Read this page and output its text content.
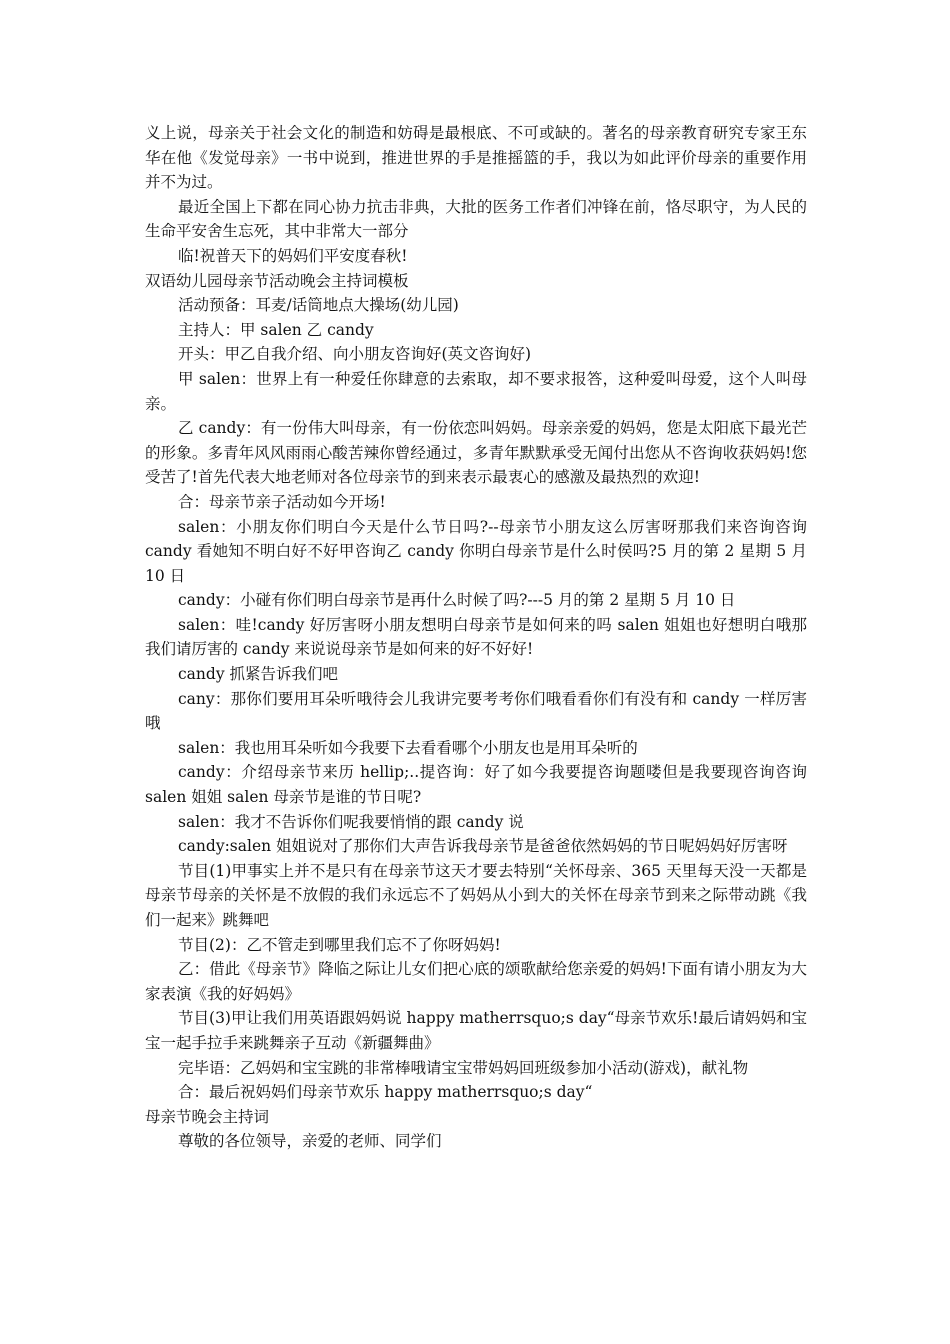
义上说，母亲关于社会文化的制造和妨碍是最根底、不可或缺的。著名的母亲教育研究专家王东华在他《发觉母亲》一书中说到，推进世界的手是推摇篮的手，我以为如此评价母亲的重要作用并不为过。

最近全国上下都在同心协力抗击非典，大批的医务工作者们冲锋在前，恪尽职守，为人民的生命平安舍生忘死，其中非常大一部分

临!祝普天下的妈妈们平安度春秋!

双语幼儿园母亲节活动晚会主持词模板

活动预备：耳麦/话筒地点大操场(幼儿园)

主持人：甲 salen 乙 candy

开头：甲乙自我介绍、向小朋友咨询好(英文咨询好)

甲 salen：世界上有一种爱任你肆意的去索取，却不要求报答，这种爱叫母爱，这个人叫母亲。

乙 candy：有一份伟大叫母亲，有一份依恋叫妈妈。母亲亲爱的妈妈，您是太阳底下最光芒的形象。多青年风风雨雨心酸苦辣你曾经通过，多青年默默承受无闻付出您从不咨询收获妈妈!您受苦了!首先代表大地老师对各位母亲节的到来表示最衷心的感激及最热烈的欢迎!

合：母亲节亲子活动如今开场!

salen：小朋友你们明白今天是什么节日吗?--母亲节小朋友这么厉害呀那我们来咨询咨询 candy 看她知不明白好不好甲咨询乙 candy 你明白母亲节是什么时侯吗?5 月的第 2 星期 5 月 10 日

candy：小碰有你们明白母亲节是再什么时候了吗?---5 月的第 2 星期 5 月 10 日

salen：哇!candy 好厉害呀小朋友想明白母亲节是如何来的吗 salen 姐姐也好想明白哦那我们请厉害的 candy 来说说母亲节是如何来的好不好好!

candy 抓紧告诉我们吧

cany：那你们要用耳朵听哦待会儿我讲完要考考你们哦看看你们有没有和 candy 一样厉害哦

salen：我也用耳朵听如今我要下去看看哪个小朋友也是用耳朵听的

candy：介绍母亲节来历 hellip;..提咨询：好了如今我要提咨询题喽但是我要现咨询咨询 salen 姐姐 salen 母亲节是谁的节日呢?

salen：我才不告诉你们呢我要悄悄的跟 candy 说

candy:salen 姐姐说对了那你们大声告诉我母亲节是爸爸依然妈妈的节日呢妈妈好厉害呀

节目(1)甲事实上并不是只有在母亲节这天才要去特别“关怀母亲、365 天里每天没一天都是母亲节母亲的关怀是不放假的我们永远忘不了妈妈从小到大的关怀在母亲节到来之际带动跳《我们一起来》跳舞吧

节目(2)：乙不管走到哪里我们忘不了你呀妈妈!

乙：借此《母亲节》降临之际让儿女们把心底的颂歌献给您亲爱的妈妈!下面有请小朋友为大家表演《我的好妈妈》

节目(3)甲让我们用英语跟妈妈说 happy matherrsquo;s day“母亲节欢乐!最后请妈妈和宝宝一起手拉手来跳舞亲子互动《新疆舞曲》

完毕语：乙妈妈和宝宝跳的非常棒哦请宝宝带妈妈回班级参加小活动(游戏)，献礼物

合：最后祝妈妈们母亲节欢乐 happy matherrsquo;s day“

母亲节晚会主持词

尊敬的各位领导，亲爱的老师、同学们
